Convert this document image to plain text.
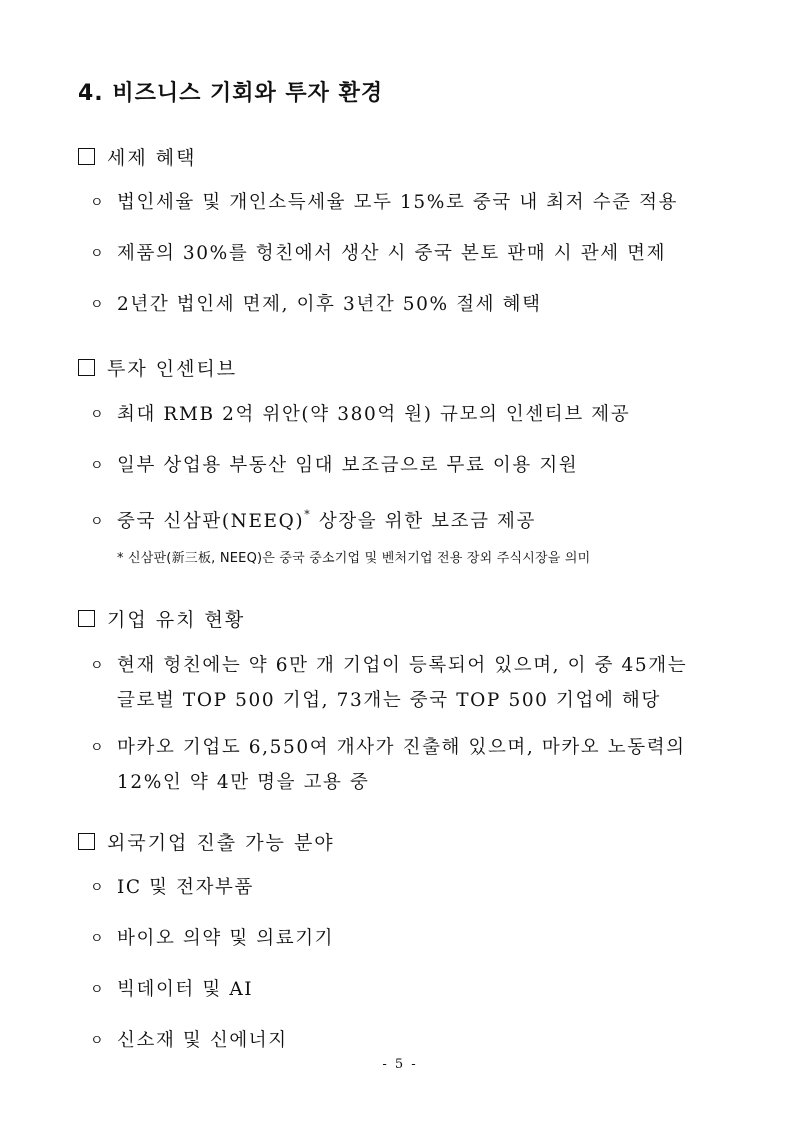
4. 비즈니스 기회와 투자 환경
세제 혜택
ㅇ 법인세율 및 개인소득세율 모두 15%로 중국 내 최저 수준 적용
ㅇ 제품의 30%를 헝친에서 생산 시 중국 본토 판매 시 관세 면제
ㅇ 2년간 법인세 면제, 이후 3년간 50% 절세 혜택
투자 인센티브
ㅇ 최대 RMB 2억 위안(약 380억 원) 규모의 인센티브 제공
ㅇ 일부 상업용 부동산 임대 보조금으로 무료 이용 지원
ㅇ 중국 신삼판(NEEQ)* 상장을 위한 보조금 제공
* 신삼판(新三板, NEEQ)은 중국 중소기업 및 벤처기업 전용 장외 주식시장을 의미
기업 유치 현황
ㅇ 현재 헝친에는 약 6만 개 기업이 등록되어 있으며, 이 중 45개는
글로벌 TOP 500 기업, 73개는 중국 TOP 500 기업에 해당
ㅇ 마카오 기업도 6,550여 개사가 진출해 있으며, 마카오 노동력의
12%인 약 4만 명을 고용 중
외국기업 진출 가능 분야
ㅇ IC 및 전자부품
ㅇ 바이오 의약 및 의료기기
ㅇ 빅데이터 및 AI
ㅇ 신소재 및 신에너지
- 5 -
